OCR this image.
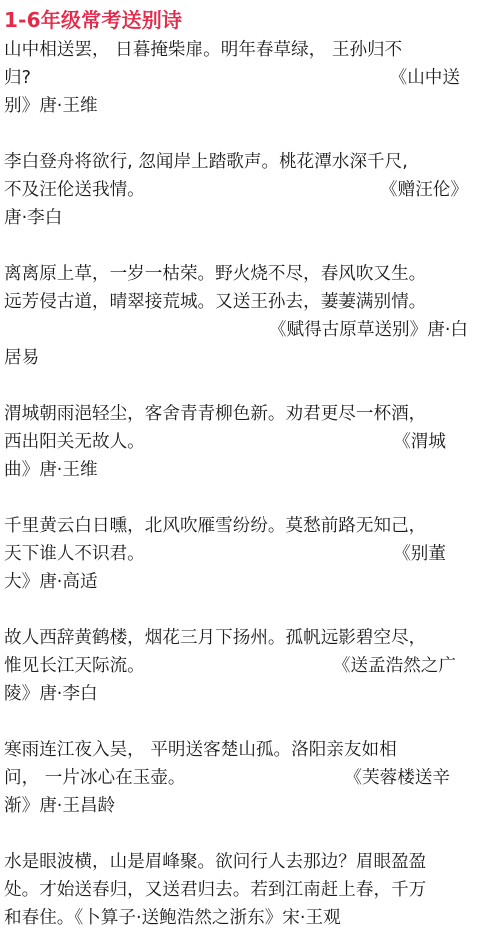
1-6年级常考送别诗
山中相送罢， 日暮掩柴扉。明年春草绿， 王孙归不
归?	《山中送
别》唐·王维
李白登舟将欲行, 忽闻岸上踏歌声。桃花潭水深千尺,
不及汪伦送我情。	《赠汪伦》
唐·李白
离离原上草，一岁一枯荣。野火烧不尽，春风吹又生。
远芳侵古道，晴翠接荒城。又送王孙去，萋萋满别情。
《赋得古原草送别》唐·白

居易
渭城朝雨浥轻尘，客舍青青柳色新。劝君更尽一杯酒，
西出阳关无故人。	《渭城
曲》唐·王维
千里黄云白日曛，北风吹雁雪纷纷。莫愁前路无知己，
天下谁人不识君。	《别董
大》唐·高适
故人西辞黄鹤楼，烟花三月下扬州。孤帆远影碧空尽，
惟见长江天际流。	《送孟浩然之广
陵》唐·李白
寒雨连江夜入吴， 平明送客楚山孤。洛阳亲友如相
问， 一片冰心在玉壶。	《芙蓉楼送辛
渐》唐·王昌龄
水是眼波横，山是眉峰聚。欲问行人去那边？眉眼盈盈
处。才始送春归，又送君归去。若到江南赶上春，千万
和春住。《卜算子·送鲍浩然之浙东》宋·王观
